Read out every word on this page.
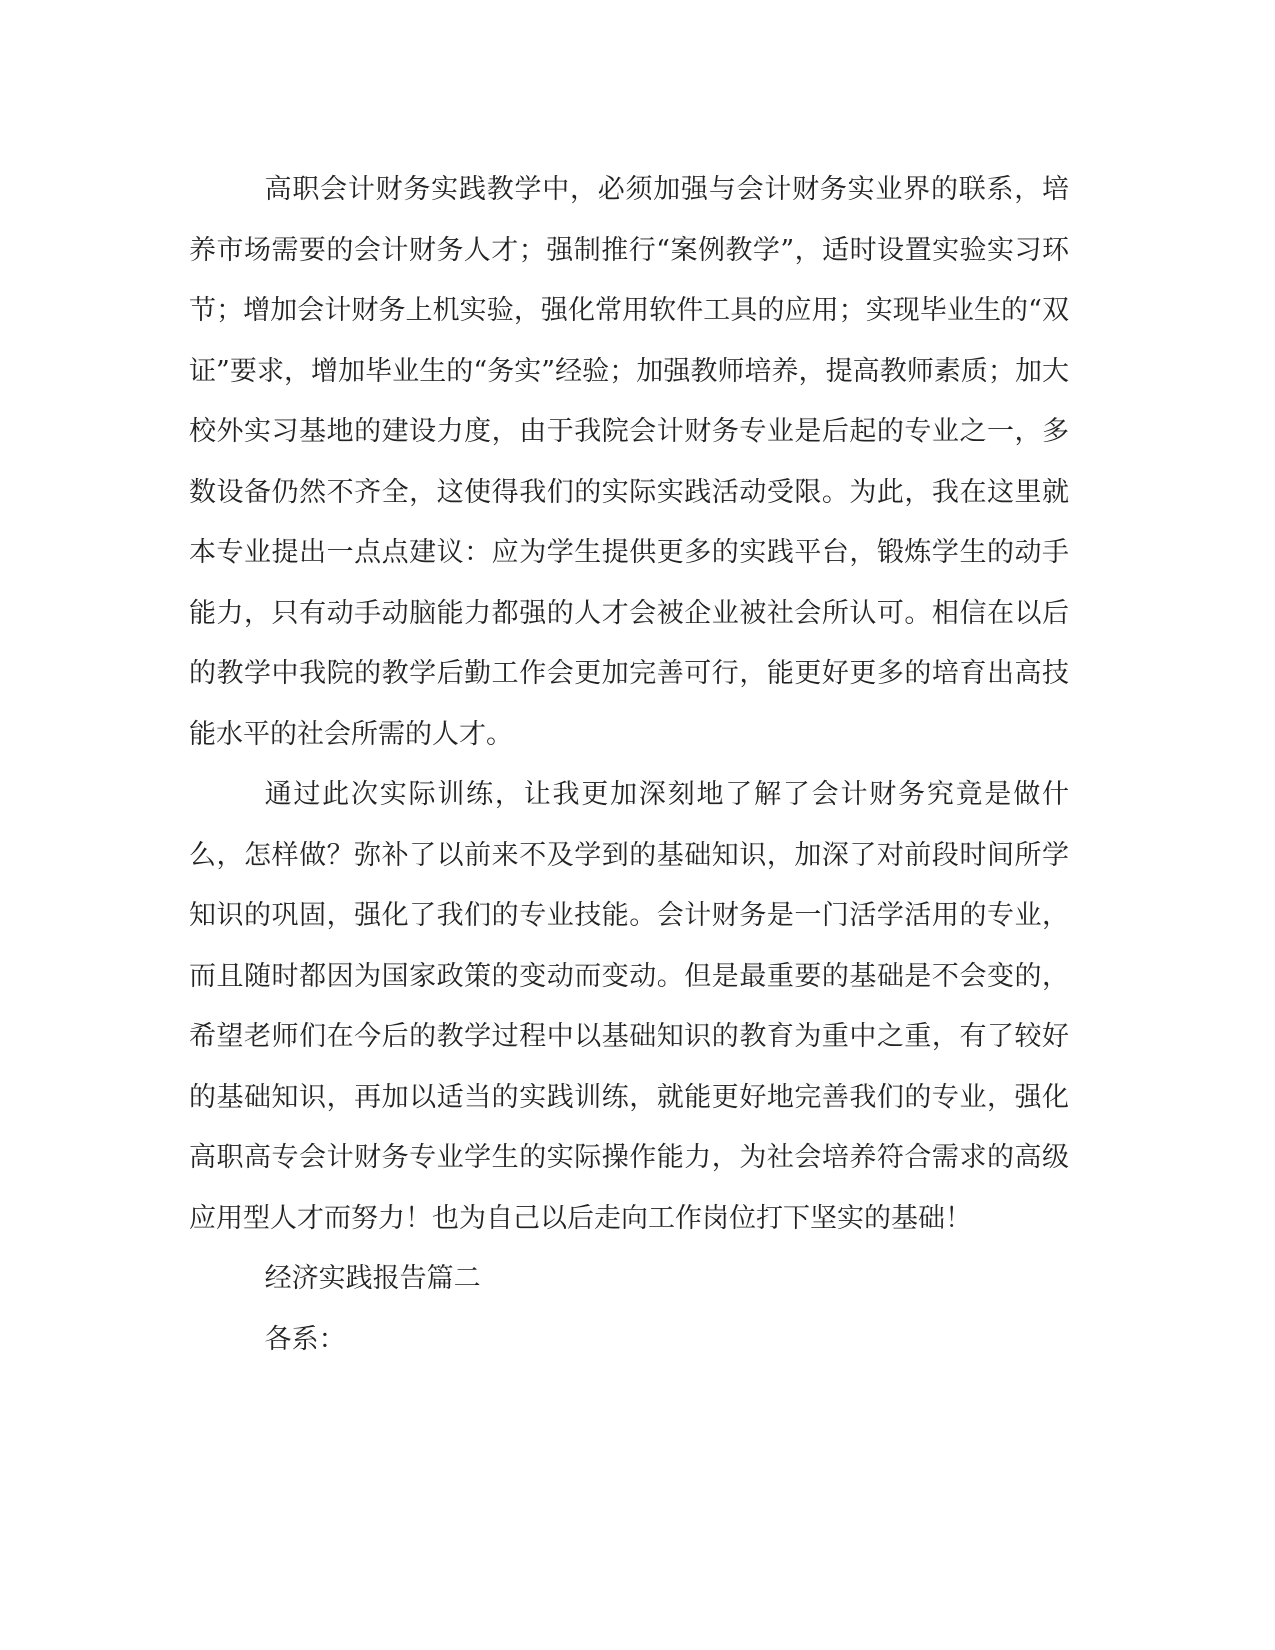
高职会计财务实践教学中，必须加强与会计财务实业界的联系，培养市场需要的会计财务人才；强制推行“案例教学”，适时设置实验实习环节；增加会计财务上机实验，强化常用软件工具的应用；实现毕业生的“双证”要求，增加毕业生的“务实”经验；加强教师培养，提高教师素质；加大校外实习基地的建设力度，由于我院会计财务专业是后起的专业之一，多数设备仍然不齐全，这使得我们的实际实践活动受限。为此，我在这里就本专业提出一点点建议：应为学生提供更多的实践平台，锻炼学生的动手能力，只有动手动脑能力都强的人才会被企业被社会所认可。相信在以后的教学中我院的教学后勤工作会更加完善可行，能更好更多的培育出高技能水平的社会所需的人才。

通过此次实际训练，让我更加深刻地了解了会计财务究竟是做什么，怎样做？弥补了以前来不及学到的基础知识，加深了对前段时间所学知识的巩固，强化了我们的专业技能。会计财务是一门活学活用的专业，而且随时都因为国家政策的变动而变动。但是最重要的基础是不会变的，希望老师们在今后的教学过程中以基础知识的教育为重中之重，有了较好的基础知识，再加以适当的实践训练，就能更好地完善我们的专业，强化高职高专会计财务专业学生的实际操作能力，为社会培养符合需求的高级应用型人才而努力！也为自己以后走向工作岗位打下坚实的基础！

经济实践报告篇二

各系：
